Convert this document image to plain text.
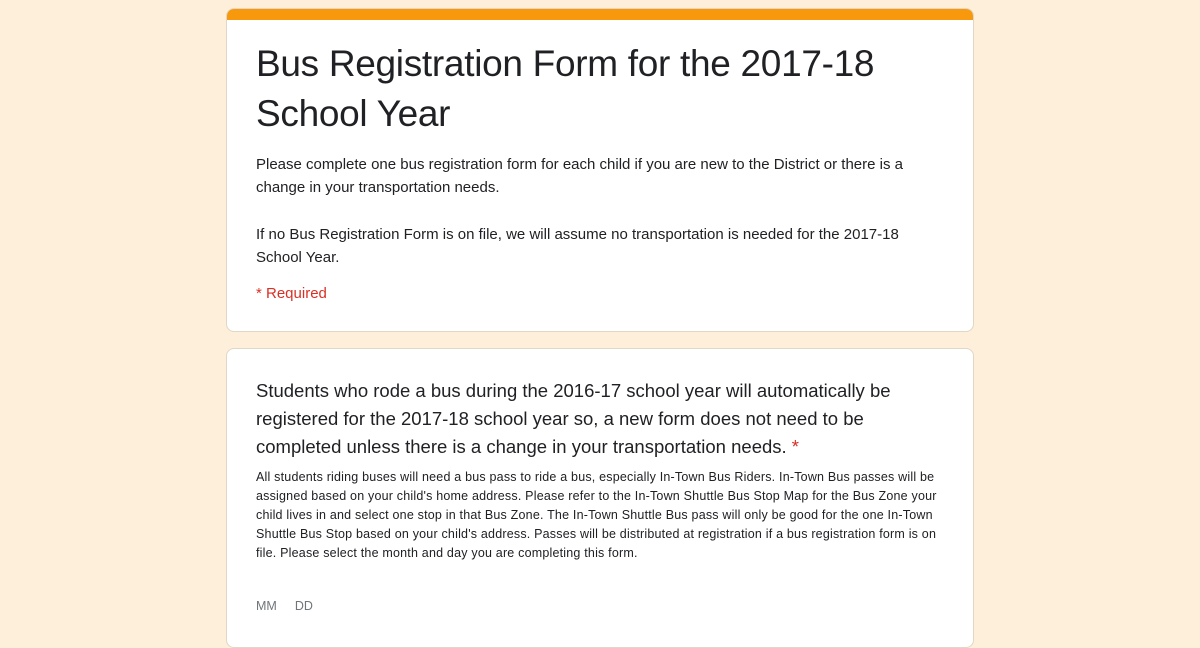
Bus Registration Form for the 2017-18 School Year

Please complete one bus registration form for each child if you are new to the District or there is a change in your transportation needs.

If no Bus Registration Form is on file, we will assume no transportation is needed for the 2017-18 School Year.

* Required
Students who rode a bus during the 2016-17 school year will automatically be registered for the 2017-18 school year so, a new form does not need to be completed unless there is a change in your transportation needs. *
All students riding buses will need a bus pass to ride a bus, especially In-Town Bus Riders. In-Town Bus passes will be assigned based on your child's home address. Please refer to the In-Town Shuttle Bus Stop Map for the Bus Zone your child lives in and select one stop in that Bus Zone. The In-Town Shuttle Bus pass will only be good for the one In-Town Shuttle Bus Stop based on your child's address. Passes will be distributed at registration if a bus registration form is on file. Please select the month and day you are completing this form.
MM DD
